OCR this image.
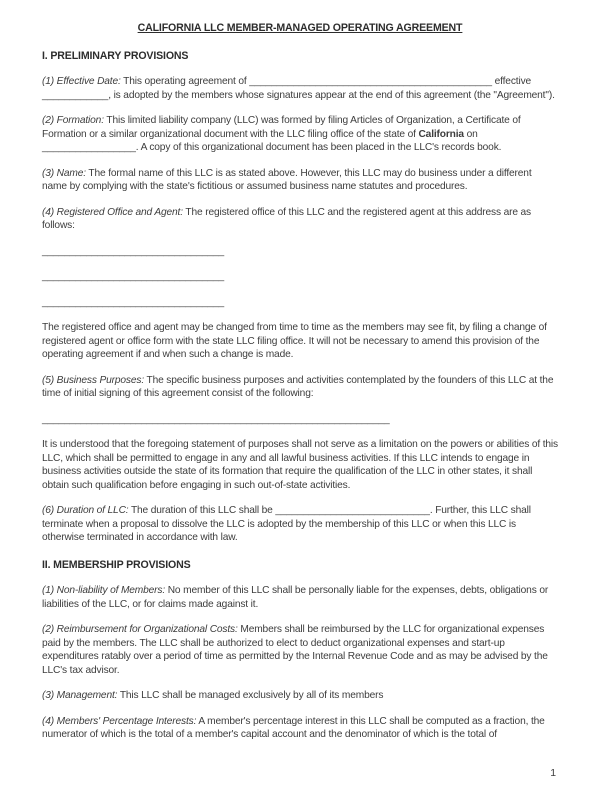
CALIFORNIA LLC MEMBER-MANAGED OPERATING AGREEMENT
I. PRELIMINARY PROVISIONS

(1) Effective Date: This operating agreement of ____________________________________________ effective ____________, is adopted by the members whose signatures appear at the end of this agreement (the "Agreement").

(2) Formation: This limited liability company (LLC) was formed by filing Articles of Organization, a Certificate of Formation or a similar organizational document with the LLC filing office of the state of California on _________________. A copy of this organizational document has been placed in the LLC's records book.

(3) Name: The formal name of this LLC is as stated above. However, this LLC may do business under a different name by complying with the state's fictitious or assumed business name statutes and procedures.

(4) Registered Office and Agent: The registered office of this LLC and the registered agent at this address are as follows:

_________________________________

_________________________________

_________________________________

The registered office and agent may be changed from time to time as the members may see fit, by filing a change of registered agent or office form with the state LLC filing office. It will not be necessary to amend this provision of the operating agreement if and when such a change is made.

(5) Business Purposes: The specific business purposes and activities contemplated by the founders of this LLC at the time of initial signing of this agreement consist of the following:

_______________________________________________________________

It is understood that the foregoing statement of purposes shall not serve as a limitation on the powers or abilities of this LLC, which shall be permitted to engage in any and all lawful business activities. If this LLC intends to engage in business activities outside the state of its formation that require the qualification of the LLC in other states, it shall obtain such qualification before engaging in such out-of-state activities.

(6) Duration of LLC: The duration of this LLC shall be ____________________________. Further, this LLC shall terminate when a proposal to dissolve the LLC is adopted by the membership of this LLC or when this LLC is otherwise terminated in accordance with law.

II. MEMBERSHIP PROVISIONS

(1) Non-liability of Members: No member of this LLC shall be personally liable for the expenses, debts, obligations or liabilities of the LLC, or for claims made against it.

(2) Reimbursement for Organizational Costs: Members shall be reimbursed by the LLC for organizational expenses paid by the members. The LLC shall be authorized to elect to deduct organizational expenses and start-up expenditures ratably over a period of time as permitted by the Internal Revenue Code and as may be advised by the LLC's tax advisor.

(3) Management: This LLC shall be managed exclusively by all of its members

(4) Members' Percentage Interests: A member's percentage interest in this LLC shall be computed as a fraction, the numerator of which is the total of a member's capital account and the denominator of which is the total of

1
